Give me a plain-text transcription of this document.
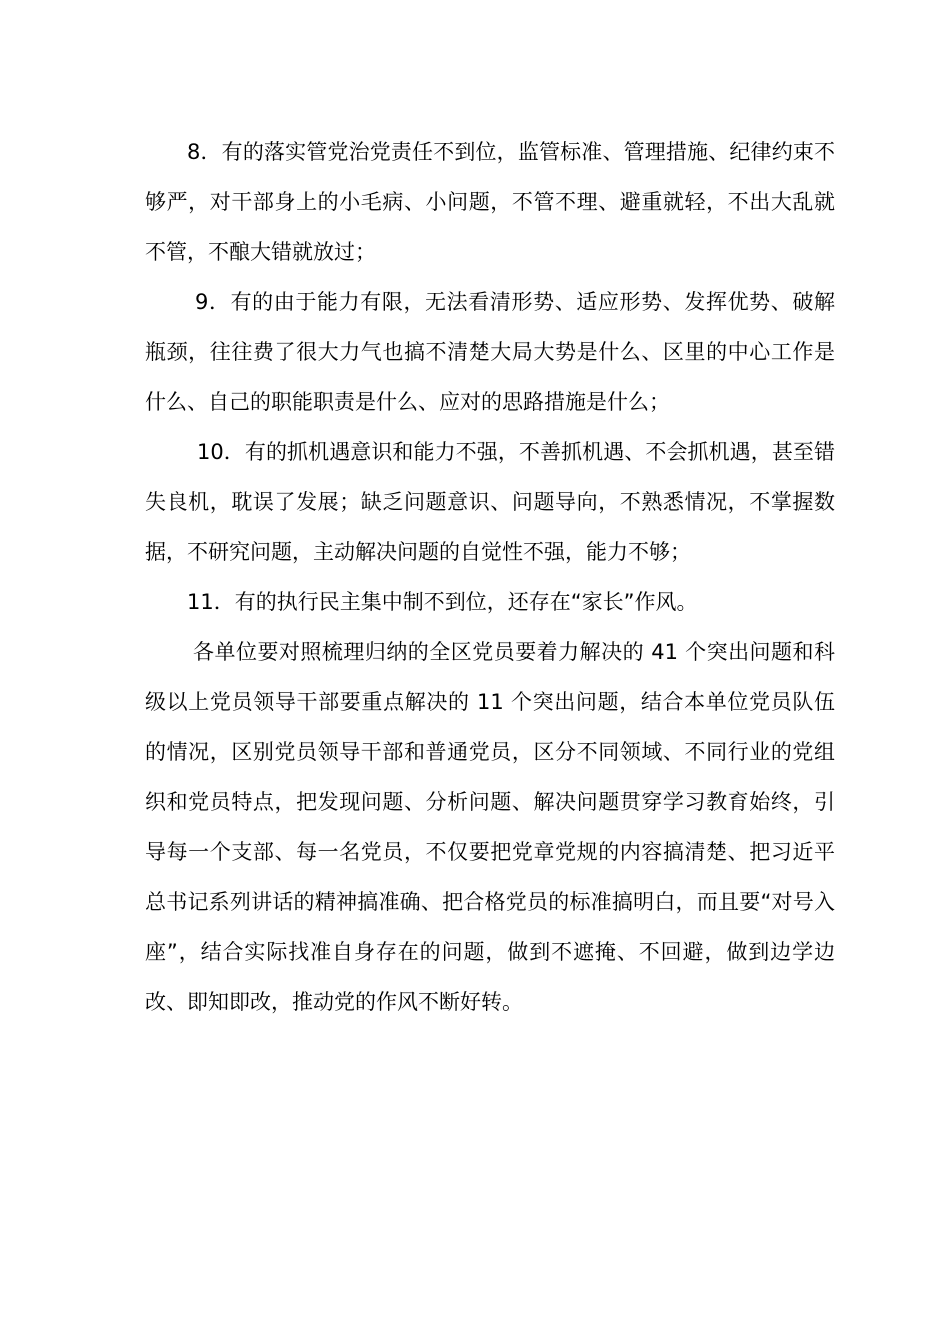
8．有的落实管党治党责任不到位，监管标准、管理措施、纪律约束不够严，对干部身上的小毛病、小问题，不管不理、避重就轻，不出大乱就不管，不酿大错就放过；

9．有的由于能力有限，无法看清形势、适应形势、发挥优势、破解瓶颈，往往费了很大力气也搞不清楚大局大势是什么、区里的中心工作是什么、自己的职能职责是什么、应对的思路措施是什么；

10．有的抓机遇意识和能力不强，不善抓机遇、不会抓机遇，甚至错失良机，耽误了发展；缺乏问题意识、问题导向，不熟悉情况，不掌握数据，不研究问题，主动解决问题的自觉性不强，能力不够；

11．有的执行民主集中制不到位，还存在“家长”作风。

各单位要对照梳理归纳的全区党员要着力解决的 41 个突出问题和科级以上党员领导干部要重点解决的 11 个突出问题，结合本单位党员队伍的情况，区别党员领导干部和普通党员，区分不同领域、不同行业的党组织和党员特点，把发现问题、分析问题、解决问题贯穿学习教育始终，引导每一个支部、每一名党员，不仅要把党章党规的内容搞清楚、把习近平总书记系列讲话的精神搞准确、把合格党员的标准搞明白，而且要“对号入座”，结合实际找准自身存在的问题，做到不遮掩、不回避，做到边学边改、即知即改，推动党的作风不断好转。
